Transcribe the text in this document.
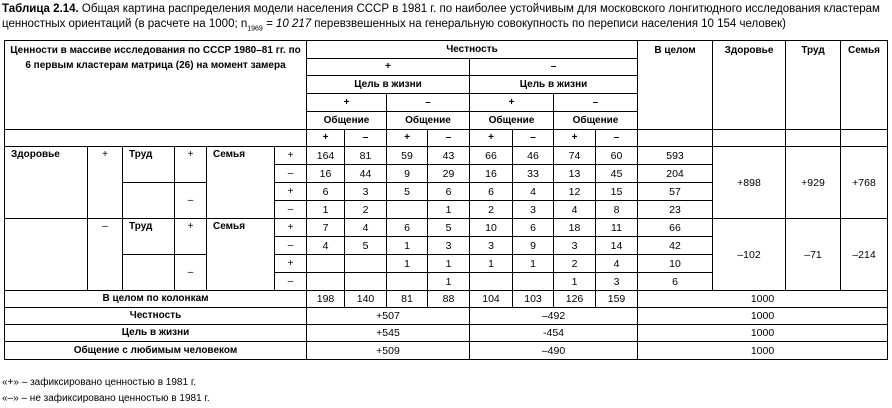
Таблица 2.14. Общая картина распределения модели населения СССР в 1981 г. по наиболее устойчивым для московского лонгитюдного исследования кластерам ценностных ориентаций (в расчете на 1000; $n_{1969} = 10$ 217 перевзвешенных на генеральную совокупность по переписи населения 10 154 человек)
Ценности в массиве исследования по СССР 1980–81 гг. по 6 первым кластерам матрица (26) на момент замера						Честность								В целом	Здоровье	Труд	Семья
						+				–							
						Цель в жизни				Цель в жизни							
						+		–		+		–					
						Общение		Общение		Общение		Общение					
						+	–	+	–	+	–	+	–				
Здоровье	+	Труд	+	Семья	+	164	81	59	43	66	46	74	60	593	+898	+929	+768
					–	16	44	9	29	16	33	13	45	204			
			–		+	6	3	5	6	6	4	12	15	57			
					–	1	2		1	2	3	4	8	23			
	–	Труд	+	Семья	+	7	4	6	5	10	6	18	11	66	–102	–71	–214
					–	4	5	1	3	3	9	3	14	42			
			–		+			1	1	1	1	2	4	10			
					–				1			1	3	6			
В целом по колонкам						198	140	81	88	104	103	126	159	1000			
Честность						+507				–492				1000			
Цель в жизни						+545				-454				1000			
Общение с любимым человеком						+509				–490				1000			
«+» – зафиксировано ценностью в 1981 г.
«–» – не зафиксировано ценностью в 1981 г.
